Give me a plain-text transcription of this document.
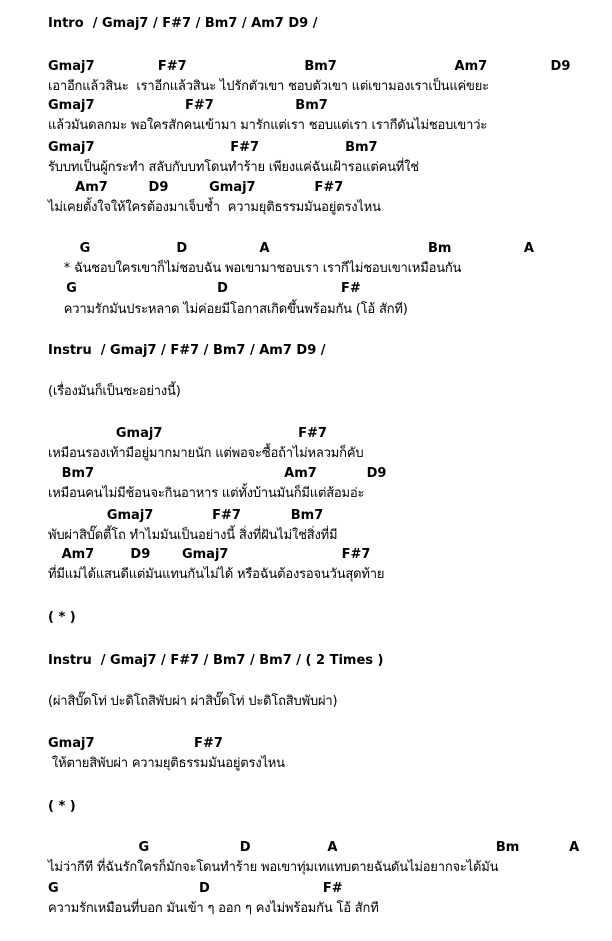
Intro  / Gmaj7 / F#7 / Bm7 / Am7 D9 /
Gmaj7              F#7                          Bm7                          Am7              D9
เอาอีกแล้วสินะ  เราอีกแล้วสินะ ไปรักตัวเขา ชอบตัวเขา แต่เขามองเราเป็นแค่ขยะ
Gmaj7                    F#7                  Bm7
แล้วมันดลกมะ พอใครสักคนเข้ามา มารักแต่เรา ชอบแต่เรา เรากีดันไม่ชอบเขาว่ะ
Gmaj7                              F#7                   Bm7
รับบทเป็นผู้กระทำ สลับกับบทโดนทำร้าย เพียงแค่ฉันเฝ้ารอแต่คนที่ใช่
Am7         D9         Gmaj7             F#7
ไม่เคยตั้งใจให้ใครต้องมาเจ็บช้ำ  ความยุติธรรมมันอยู่ตรงไหน
G                   D                A                                   Bm                A
* ฉันชอบใครเขาก็ไม่ชอบฉัน พอเขามาชอบเรา เรากีไม่ชอบเขาเหมือนกัน
G                               D                         F#
ความรักมันประหลาด ไม่ค่อยมีโอกาสเกิดขึ้นพร้อมกัน (โอ้ สักที)
Instru  / Gmaj7 / F#7 / Bm7 / Am7 D9 /
(เรื่องมันก็เป็นซะอย่างนี้)
Gmaj7                              F#7
เหมือนรองเท้ามือยู่มากมายนัก แต่พอจะซื้อถ้าไม่หลวมก็คับ
Bm7                                          Am7           D9
เหมือนคนไม่มีช้อนจะกินอาหาร แต่ทั้งบ้านมันก็มีแต่ส้อมอ่ะ
Gmaj7             F#7           Bm7
พับผ่าสิบั๊ดตี้โถ ทำไมมันเป็นอย่างนี้ สิ่งที่ฝันไม่ใช่สิ่งที่มี
Am7        D9       Gmaj7                         F#7
ที่มีแม่ได้แสนดีแต่มันแทนกันไม่ได้ หรือฉันต้องรอจนวันสุดท้าย
( * )
Instru  / Gmaj7 / F#7 / Bm7 / Bm7 / ( 2 Times )
(ผ่าสิบั๊ดโท่ ปะดิโถสิพับผ่า ผ่าสิบั๊ดโท่ ปะดิโถสิบพับผ่า)
Gmaj7                      F#7
ให้ตายสิพับผ่า ความยุติธรรมมันอยู่ตรงไหน
( * )
G                    D                 A                                   Bm           A
ไม่ว่ากีที ที่ฉันรักใครก็มักจะโดนทำร้าย พอเขาทุ่มเทแทบตายฉันดันไม่อยากจะได้มัน
G                               D                         F#
ความรักเหมือนที่บอก มันเข้า ๆ ออก ๆ คงไม่พร้อมกัน โอ้ สักที
